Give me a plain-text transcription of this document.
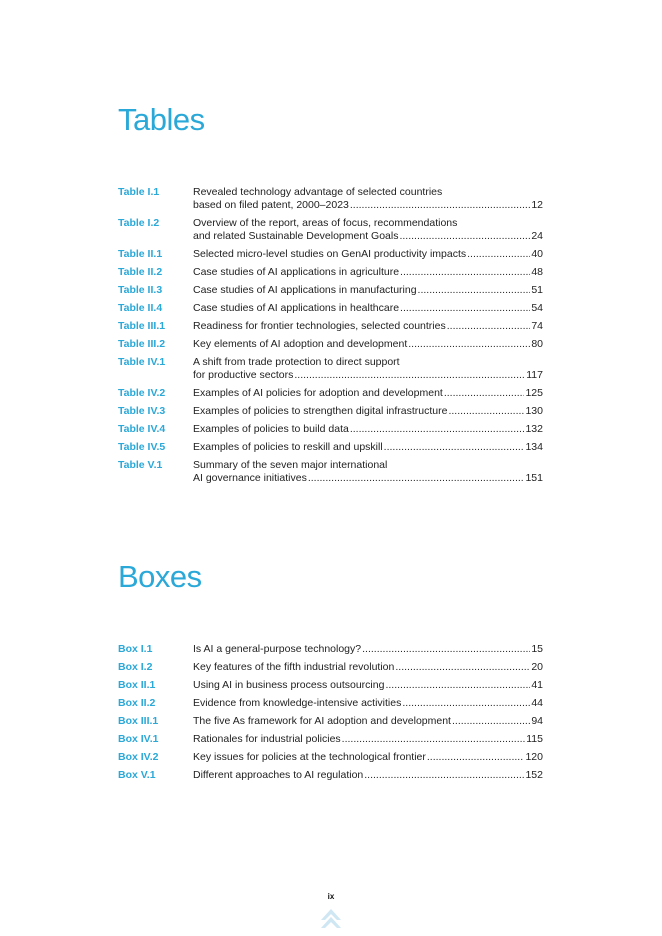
Tables
Table I.1	Revealed technology advantage of selected countries
based on filed patent, 2000–2023 .....	12
Table I.2	Overview of the report, areas of focus, recommendations
and related Sustainable Development Goals .....	24
Table II.1	Selected micro-level studies on GenAI productivity impacts .....	40
Table II.2	Case studies of AI applications in agriculture .....	48
Table II.3	Case studies of AI applications in manufacturing .....	51
Table II.4	Case studies of AI applications in healthcare .....	54
Table III.1	Readiness for frontier technologies, selected countries .....	74
Table III.2	Key elements of AI adoption and development .....	80
Table IV.1	A shift from trade protection to direct support
for productive sectors .....	117
Table IV.2	Examples of AI policies for adoption and development .....	125
Table IV.3	Examples of policies to strengthen digital infrastructure .....	130
Table IV.4	Examples of policies to build data .....	132
Table IV.5	Examples of policies to reskill and upskill .....	134
Table V.1	Summary of the seven major international
AI governance initiatives .....	151
Boxes
Box I.1	Is AI a general-purpose technology? .....	15
Box I.2	Key features of the fifth industrial revolution .....	20
Box II.1	Using AI in business process outsourcing .....	41
Box II.2	Evidence from knowledge-intensive activities .....	44
Box III.1	The five As framework for AI adoption and development .....	94
Box IV.1	Rationales for industrial policies .....	115
Box IV.2	Key issues for policies at the technological frontier .....	120
Box V.1	Different approaches to AI regulation .....	152
ix
